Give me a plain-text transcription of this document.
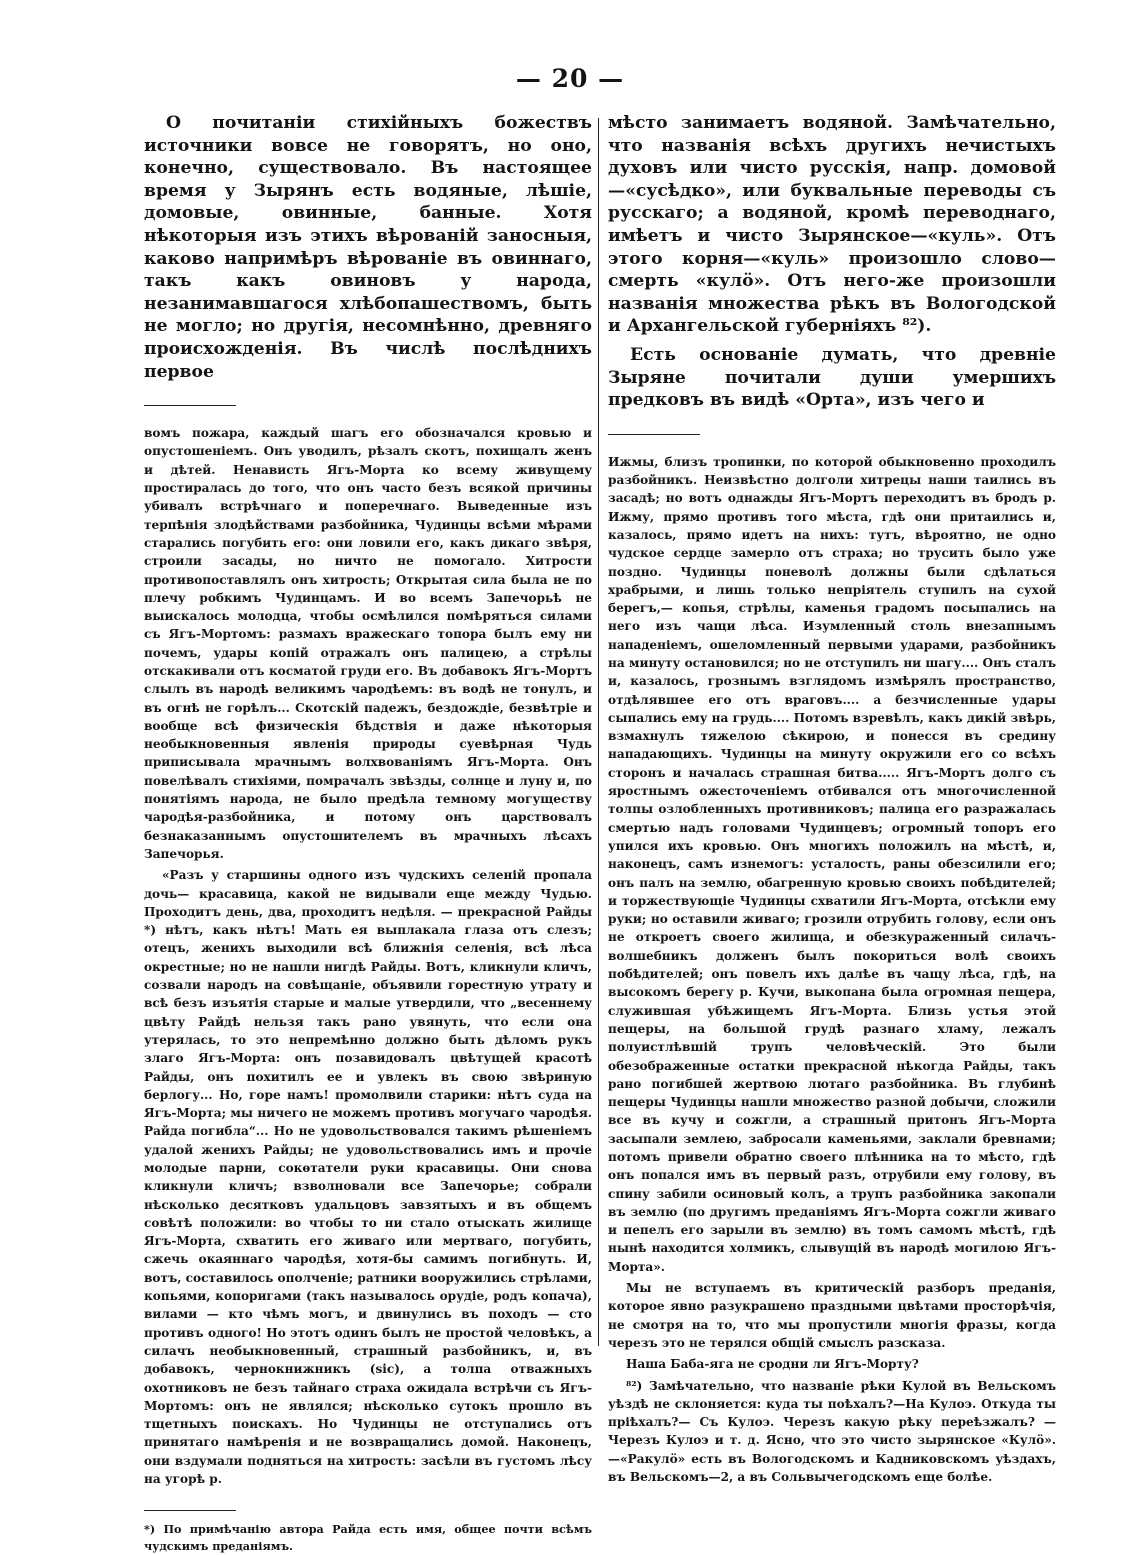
— 20 —

О почитаніи стихійныхъ божествъ источники вовсе не говорятъ, но оно, конечно, существовало. Въ настоящее время у Зырянъ есть водяные, лѣшіе, домовые, овинные, банные. Хотя нѣкоторыя изъ этихъ вѣрованій заносныя, каково напримѣръ вѣрованіе въ овиннаго, такъ какъ овиновъ у народа, незанимавшагося хлѣбопашествомъ, быть не могло; но другія, несомнѣнно, древняго происхожденія. Въ числѣ послѣднихъ первое

вомъ пожара, каждый шагъ его обозначался кровью и опустошеніемъ. Онъ уводилъ, рѣзалъ скотъ, похищалъ женъ и дѣтей. Ненависть Ягъ-Морта ко всему живущему простиралась до того, что онъ часто безъ всякой причины убивалъ встрѣчнаго и поперечнаго. Выведенные изъ терпѣнія злодѣйствами разбойника, Чудинцы всѣми мѣрами старались погубить его: они ловили его, какъ дикаго звѣря, строили засады, но ничто не помогало. Хитрости противопоставлялъ онъ хитрость; Открытая сила была не по плечу робкимъ Чудинцамъ. И во всемъ Запечорьѣ не выискалось молодца, чтобы осмѣлился помѣряться силами съ Ягъ-Мортомъ: размахъ вражескаго топора былъ ему ни почемъ, удары копій отражалъ онъ палицею, а стрѣлы отскакивали отъ косматой груди его. Въ добавокъ Ягъ-Мортъ слылъ въ народѣ великимъ чародѣемъ: въ водѣ не тонулъ, и въ огнѣ не горѣлъ... Скотскій падежъ, бездождіе, безвѣтріе и вообще всѣ физическія бѣдствія и даже нѣкоторыя необыкновенныя явленія природы суевѣрная Чудь приписывала мрачнымъ волхвованіямъ Ягъ-Морта. Онъ повелѣвалъ стихіями, помрачалъ звѣзды, солнце и луну и, по понятіямъ народа, не было предѣла темному могуществу чародѣя-разбойника, и потому онъ царствовалъ безнаказаннымъ опустошителемъ въ мрачныхъ лѣсахъ Запечорья.

«Разъ у старшины одного изъ чудскихъ селеній пропала дочь— красавица, какой не видывали еще между Чудью. Проходитъ день, два, проходитъ недѣля. — прекрасной Райды *) нѣтъ, какъ нѣтъ! Мать ея выплакала глаза отъ слезъ; отецъ, женихъ выходили всѣ ближнія селенія, всѣ лѣса окрестные; но не нашли нигдѣ Райды. Вотъ, кликнули кличъ, созвали народъ на совѣщаніе, объявили горестную утрату и всѣ безъ изъятія старые и малые утвердили, что „весеннему цвѣту Райдѣ нельзя такъ рано увянуть, что если она утерялась, то это непремѣнно должно быть дѣломъ рукъ злаго Ягъ-Морта: онъ позавидовалъ цвѣтущей красотѣ Райды, онъ похитилъ ее и увлекъ въ свою звѣриную берлогу... Но, горе намъ! промолвили старики: нѣтъ суда на Ягъ-Морта; мы ничего не можемъ противъ могучаго чародѣя. Райда погибла“... Но не удовольствовался такимъ рѣшеніемъ удалой женихъ Райды; не удовольствовались имъ и прочіе молодые парни, сокѳтатели руки красавицы. Они снова кликнули кличъ; взволновали все Запечорье; собрали нѣсколько десятковъ удальцовъ завзятыхъ и въ общемъ совѣтѣ положили: во чтобы то ни стало отыскать жилище Ягъ-Морта, схватить его живаго или мертваго, погубить, сжечь окаяннаго чародѣя, хотя-бы самимъ погибнуть. И, вотъ, составилось ополченіе; ратники вооружились стрѣлами, копьями, копоригами (такъ называлось орудіе, родъ копача), вилами — кто чѣмъ могъ, и двинулись въ походъ — сто противъ одного! Но этотъ одинъ былъ не простой человѣкъ, а силачъ необыкновенный, страшный разбойникъ, и, въ добавокъ, чернокнижникъ (sic), а толпа отважныхъ охотниковъ не безъ тайнаго страха ожидала встрѣчи съ Ягъ-Мортомъ: онъ не являлся; нѣсколько сутокъ прошло въ тщетныхъ поискахъ. Но Чудинцы не отступались отъ принятаго намѣренія и не возвращались домой. Наконецъ, они вздумали подняться на хитрость: засѣли въ густомъ лѣсу на угорѣ р.

*) По примѣчанію автора Райда есть имя, общее почти всѣмъ чудскимъ преданіямъ.

мѣсто занимаетъ водяной. Замѣчательно, что названія всѣхъ другихъ нечистыхъ духовъ или чисто русскія, напр. домовой—«сусѣдко», или буквальные переводы съ русскаго; а водяной, кромѣ переводнаго, имѣетъ и чисто Зырянское—«куль». Отъ этого корня—«куль» произошло слово—смерть «кулö». Отъ него-же произошли названія множества рѣкъ въ Вологодской и Архангельской губерніяхъ ⁸²).

Есть основаніе думать, что древніе Зыряне почитали души умершихъ предковъ въ видѣ «Орта», изъ чего и

Ижмы, близъ тропинки, по которой обыкновенно проходилъ разбойникъ. Неизвѣстно долголи хитрецы наши таились въ засадѣ; но вотъ однажды Ягъ-Мортъ переходитъ въ бродъ р. Ижму, прямо противъ того мѣста, гдѣ они притаились и, казалось, прямо идетъ на нихъ: тутъ, вѣроятно, не одно чудское сердце замерло отъ страха; но трусить было уже поздно. Чудинцы поневолѣ должны были сдѣлаться храбрыми, и лишь только непріятель ступилъ на сухой берегъ,— копья, стрѣлы, каменья градомъ посыпались на него изъ чащи лѣса. Изумленный столь внезапнымъ нападеніемъ, ошеломленный первыми ударами, разбойникъ на минуту остановился; но не отступилъ ни шагу.... Онъ сталъ и, казалось, грознымъ взглядомъ измѣрялъ пространство, отдѣлявшее его отъ враговъ.... а безчисленные удары сыпались ему на грудь.... Потомъ взревѣлъ, какъ дикій звѣрь, взмахнулъ тяжелою сѣкирою, и понесся въ средину нападающихъ. Чудинцы на минуту окружили его со всѣхъ сторонъ и началась страшная битва..... Ягъ-Мортъ долго съ яростнымъ ожесточеніемъ отбивался отъ многочисленной толпы озлобленныхъ противниковъ; палица его разражалась смертью надъ головами Чудинцевъ; огромный топоръ его упился ихъ кровью. Онъ многихъ положилъ на мѣстѣ, и, наконецъ, самъ изнемогъ: усталость, раны обезсилили его; онъ палъ на землю, обагренную кровью своихъ побѣдителей; и торжествующіе Чудинцы схватили Ягъ-Морта, отсѣкли ему руки; но оставили живаго; грозили отрубить голову, если онъ не откроетъ своего жилища, и обезкураженный силачъ-волшебникъ долженъ былъ покориться волѣ своихъ побѣдителей; онъ повелъ ихъ далѣе въ чащу лѣса, гдѣ, на высокомъ берегу р. Кучи, выкопана была огромная пещера, служившая убѣжищемъ Ягъ-Морта. Близь устья этой пещеры, на большой грудѣ разнаго хламу, лежалъ полуистлѣвшій трупъ человѣческій. Это были обезображенные остатки прекрасной нѣкогда Райды, такъ рано погибшей жертвою лютаго разбойника. Въ глубинѣ пещеры Чудинцы нашли множество разной добычи, сложили все въ кучу и сожгли, а страшный притонъ Ягъ-Морта засыпали землею, забросали каменьями, заклали бревнами; потомъ привели обратно своего плѣнника на то мѣсто, гдѣ онъ попался имъ въ первый разъ, отрубили ему голову, въ спину забили осиновый колъ, а трупъ разбойника закопали въ землю (по другимъ преданіямъ Ягъ-Морта сожгли живаго и пепелъ его зарыли въ землю) въ томъ самомъ мѣстѣ, гдѣ нынѣ находится холмикъ, слывущій въ народѣ могилою Ягъ-Морта».

Мы не вступаемъ въ критическій разборъ преданія, которое явно разукрашено праздными цвѣтами просторѣчія, не смотря на то, что мы пропустили многія фразы, когда черезъ это не терялся общій смыслъ разсказа.

Наша Баба-яга не сродни ли Ягъ-Морту?

⁸²) Замѣчательно, что названіе рѣки Кулой въ Вельскомъ уѣздѣ не склоняется: куда ты поѣхалъ?—На Кулоэ. Откуда ты пріѣхалъ?— Съ Кулоэ. Черезъ какую рѣку переѣзжалъ? — Черезъ Кулоэ и т. д. Ясно, что это чисто зырянское «Кулö».—«Ракулö» есть въ Вологодскомъ и Кадниковскомъ уѣздахъ, въ Вельскомъ—2, а въ Сольвычегодскомъ еще болѣе.
